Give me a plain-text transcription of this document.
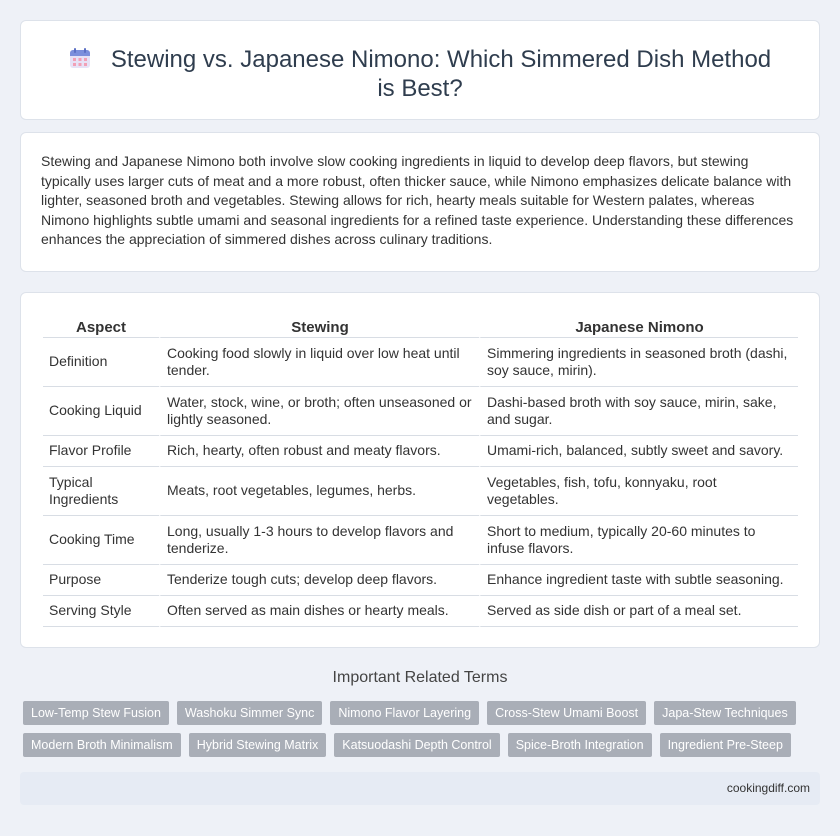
Stewing vs. Japanese Nimono: Which Simmered Dish Method is Best?

Stewing and Japanese Nimono both involve slow cooking ingredients in liquid to develop deep flavors, but stewing typically uses larger cuts of meat and a more robust, often thicker sauce, while Nimono emphasizes delicate balance with lighter, seasoned broth and vegetables. Stewing allows for rich, hearty meals suitable for Western palates, whereas Nimono highlights subtle umami and seasonal ingredients for a refined taste experience. Understanding these differences enhances the appreciation of simmered dishes across culinary traditions.

Aspect	Stewing	Japanese Nimono
Definition	Cooking food slowly in liquid over low heat until tender.	Simmering ingredients in seasoned broth (dashi, soy sauce, mirin).
Cooking Liquid	Water, stock, wine, or broth; often unseasoned or lightly seasoned.	Dashi-based broth with soy sauce, mirin, sake, and sugar.
Flavor Profile	Rich, hearty, often robust and meaty flavors.	Umami-rich, balanced, subtly sweet and savory.
Typical Ingredients	Meats, root vegetables, legumes, herbs.	Vegetables, fish, tofu, konnyaku, root vegetables.
Cooking Time	Long, usually 1-3 hours to develop flavors and tenderize.	Short to medium, typically 20-60 minutes to infuse flavors.
Purpose	Tenderize tough cuts; develop deep flavors.	Enhance ingredient taste with subtle seasoning.
Serving Style	Often served as main dishes or hearty meals.	Served as side dish or part of a meal set.
Important Related Terms
Low-Temp Stew Fusion	Washoku Simmer Sync	Nimono Flavor Layering	Cross-Stew Umami Boost	Japa-Stew Techniques
Modern Broth Minimalism	Hybrid Stewing Matrix	Katsuodashi Depth Control	Spice-Broth Integration	Ingredient Pre-Steep
cookingdiff.com
